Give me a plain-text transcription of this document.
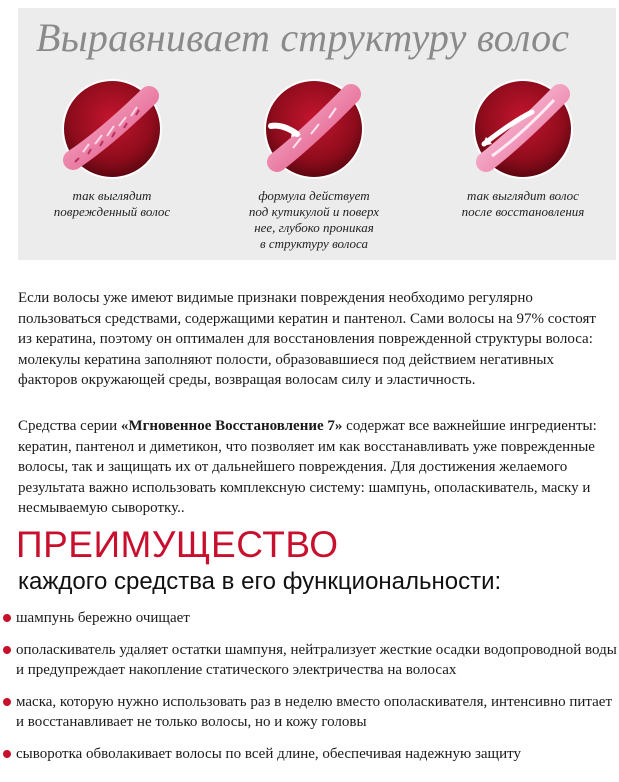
Выравнивает структуру волос
так выглядит
поврежденный волос
формула действует
под кутикулой и поверх
нее, глубоко проникая
в структуру волоса
так выглядит волос
после восстановления
Если волосы уже имеют видимые признаки повреждения необходимо регулярно пользоваться средствами, содержащими кератин и пантенол. Сами волосы на 97% состоят из кератина, поэтому он оптимален для восстановления поврежденной структуры волоса: молекулы кератина заполняют полости, образовавшиеся под действием негативных факторов окружающей среды, возвращая волосам силу и эластичность.
Средства серии «Мгновенное Восстановление 7» содержат все важнейшие ингредиенты: кератин, пантенол и диметикон, что позволяет им как восстанавливать уже поврежденные волосы, так и защищать их от дальнейшего повреждения. Для достижения желаемого результата важно использовать комплексную систему: шампунь, ополаскиватель, маску и несмываемую сыворотку..
ПРЕИМУЩЕСТВО
каждого средства в его функциональности:
шампунь бережно очищает
ополаскиватель удаляет остатки шампуня, нейтрализует жесткие осадки водопроводной воды и предупреждает накопление статического электричества на волосах
маска, которую нужно использовать раз в неделю вместо ополаскивателя, интенсивно питает и восстанавливает не только волосы, но и кожу головы
сыворотка обволакивает волосы по всей длине, обеспечивая надежную защиту
